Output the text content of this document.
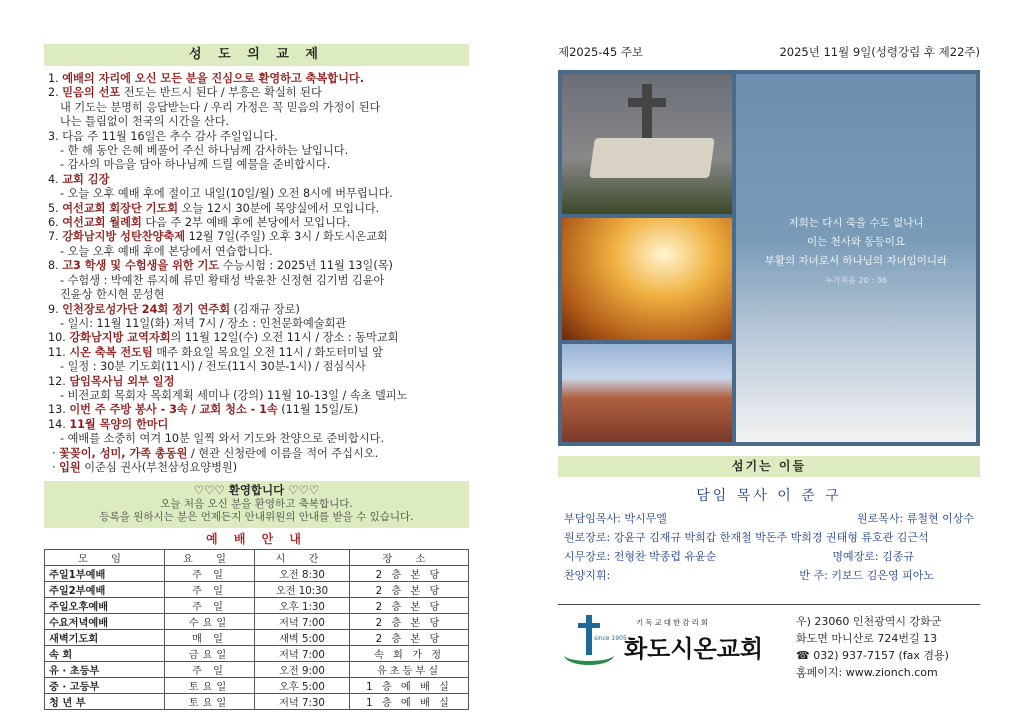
성 도 의 교 제
1. 예배의 자리에 오신 모든 분을 진심으로 환영하고 축복합니다.
2. 믿음의 선포 전도는 반드시 된다 / 부흥은 확실히 된다
내 기도는 분명히 응답받는다 / 우리 가정은 꼭 믿음의 가정이 된다
나는 틀림없이 천국의 시간을 산다.
3. 다음 주 11월 16일은 추수 감사 주일입니다.
- 한 해 동안 은혜 베풀어 주신 하나님께 감사하는 날입니다.
- 감사의 마음을 담아 하나님께 드릴 예물을 준비합시다.
4. 교회 김장
- 오늘 오후 예배 후에 절이고 내일(10일/월) 오전 8시에 버무립니다.
5. 여선교회 회장단 기도회 오늘 12시 30분에 목양실에서 모입니다.
6. 여선교회 월례회 다음 주 2부 예배 후에 본당에서 모입니다.
7. 강화남지방 성탄찬양축제 12월 7일(주일) 오후 3시 / 화도시온교회
- 오늘 오후 예배 후에 본당에서 연습합니다.
8. 고3 학생 및 수험생을 위한 기도 수능시험 : 2025년 11월 13일(목)
- 수험생 : 박예찬 류지혜 류민 황태성 박윤찬 신정현 김기범 김윤아
진윤상 한시현 문성현
9. 인천장로성가단 24회 정기 연주회 (김재규 장로)
- 일시: 11월 11일(화) 저녁 7시 / 장소 : 인천문화예술회관
10. 강화남지방 교역자회의 11월 12일(수) 오전 11시 / 장소 : 동막교회
11. 시온 축복 전도팀 매주 화요일 목요일 오전 11시 / 화도터미널 앞
- 일정 : 30분 기도회(11시) / 전도(11시 30분-1시) / 점심식사
12. 담임목사님 외부 일정
- 비전교회 목회자 목회계획 세미나 (강의) 11월 10-13일 / 속초 델피노
13. 이번 주 주방 봉사 - 3속 / 교회 청소 - 1속 (11월 15일/토)
14. 11월 목양의 한마디
- 예배를 소중히 여겨 10분 일찍 와서 기도와 찬양으로 준비합시다.
· 꽃꽂이, 성미, 가족 총동원 / 현관 신청란에 이름을 적어 주십시오.
· 입원 이준심 권사(부천삼성요양병원)
♡♡♡ 환영합니다 ♡♡♡
오늘 처음 오신 분을 환영하고 축복합니다.
등록을 원하시는 분은 언제든지 안내위원의 안내를 받을 수 있습니다.
예 배 안 내
모 임	요 일	시 간	장 소
주일1부예배	주 일	오전 8:30	2 층 본 당
주일2부예배	주 일	오전 10:30	2 층 본 당
주일오후예배	주 일	오후 1:30	2 층 본 당
수요저녁예배	수요일	저녁 7:00	2 층 본 당
새벽기도회	매 일	새벽 5:00	2 층 본 당
속 회	금요일	저녁 7:00	속 회 가 정
유 · 초등부	주 일	오전 9:00	유초등부실
중 · 고등부	토요일	오후 5:00	1 층 예 배 실
청 년 부	토요일	저녁 7:30	1 층 예 배 실
제2025-45 주보	2025년 11월 9일(성령강림 후 제22주)
저희는 다시 죽을 수도 없나니
이는 천사와 동등이요
부활의 자녀로서 하나님의 자녀임이니라
누가복음 20 : 36
섬기는 이들
담임 목사 이 준 구
부담임목사: 박시무엘	원로목사: 류철현 이상수
원로장로: 강윤구 김재규 박희갑 한재철 박돈주 박희경 권태형 류호관 김근석
시무장로: 전형찬 박종렵 유윤순	명예장로: 김종규
찬양지휘:	반 주: 키보드 김은영 피아노
since 1905
기독교대한감리회
화도시온교회
우) 23060 인천광역시 강화군
화도면 마니산로 724번길 13
☎ 032) 937-7157 (fax 겸용)
홈페이지: www.zionch.com
